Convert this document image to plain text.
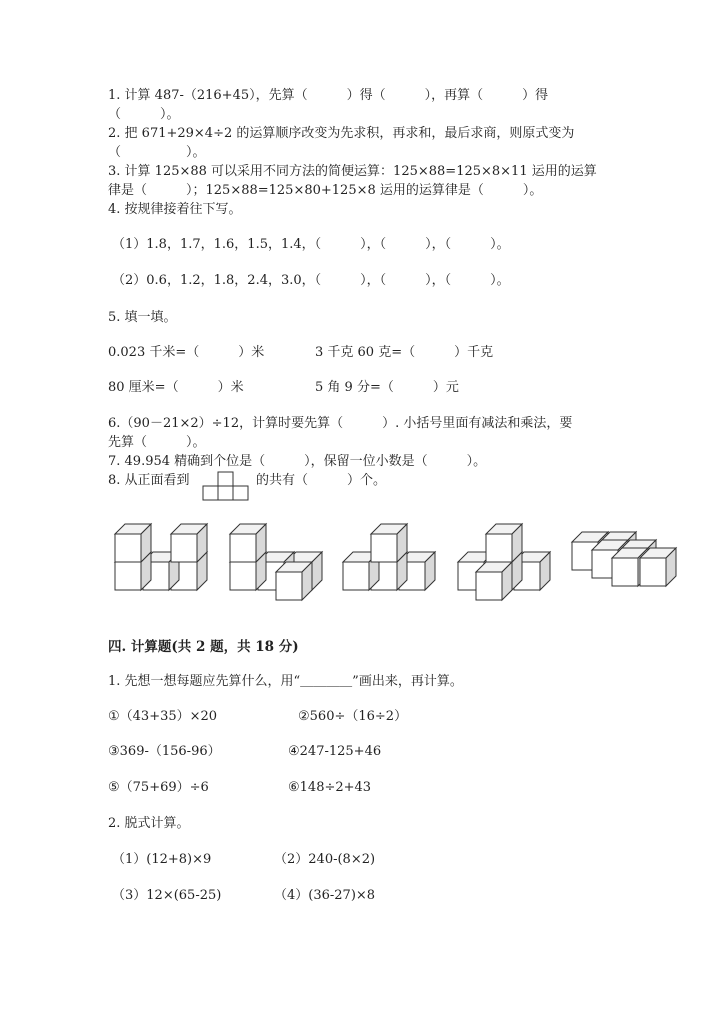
1. 计算 487-（216+45），先算（　　　）得（　　　），再算（　　　）得
（　　　）。
2. 把 671+29×4÷2 的运算顺序改变为先求积，再求和，最后求商，则原式变为
（　　　　　）。
3. 计算 125×88 可以采用不同方法的简便运算：125×88=125×8×11 运用的运算
律是（　　　）；125×88=125×80+125×8 运用的运算律是（　　　）。
4. 按规律接着往下写。
（1）1.8，1.7，1.6，1.5，1.4，（　　　），（　　　），（　　　）。
（2）0.6，1.2，1.8，2.4，3.0，（　　　），（　　　），（　　　）。
5. 填一填。
0.023 千米=（　　　）米	3 千克 60 克=（　　　）千克
80 厘米=（　　　）米	5 角 9 分=（　　　）元
6.（90－21×2）÷12，计算时要先算（　　　）. 小括号里面有减法和乘法，要
先算（　　　）。
7. 49.954 精确到个位是（　　　），保留一位小数是（　　　）。
8. 从正面看到	的共有（　　　）个。
四. 计算题(共 2 题，共 18 分)
1. 先想一想每题应先算什么，用“＿＿＿＿”画出来，再计算。
①（43+35）×20	②560÷（16÷2）
③369-（156-96）	④247-125+46
⑤（75+69）÷6	⑥148÷2+43
2. 脱式计算。
（1）(12+8)×9	（2）240-(8×2)
（3）12×(65-25)	（4）(36-27)×8
